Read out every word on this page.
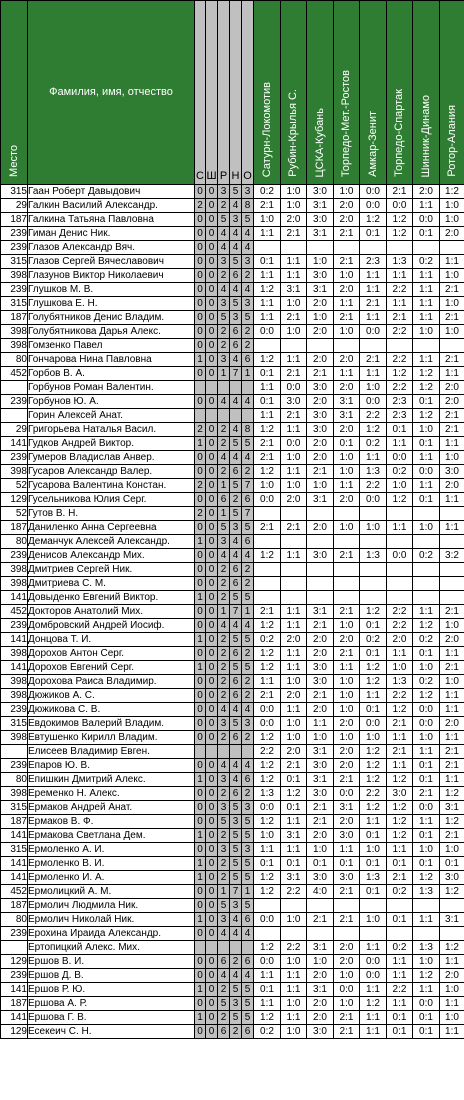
Место	Фамилия, имя, отчество	С	Ш	Р	Н	О	Сатурн-Локомотив	Рубин-Крылья С.	ЦСКА-Кубань	Торпедо-Мет.-Ростов	Амкар-Зенит	Торпедо-Спартак	Шинник-Динамо	Ротор-Алания
315	Гаан Роберт Давыдович	0	0	3	5	3	0:2	1:0	3:0	1:0	0:0	2:1	2:0	1:2
29	Галкин Василий Александр.	2	0	2	4	8	2:1	1:0	3:1	2:0	0:0	0:0	1:1	1:0
187	Галкина Татьяна Павловна	0	0	5	3	5	1:0	2:0	3:0	2:0	1:2	1:2	0:0	1:0
239	Гиман Денис Ник.	0	0	4	4	4	1:1	2:1	3:1	2:1	0:1	1:2	0:1	2:0
239	Глазов Александр Вяч.	0	0	4	4	4								
315	Глазов Сергей Вячеславович	0	0	3	5	3	0:1	1:1	1:0	2:1	2:3	1:3	0:2	1:1
398	Глазунов Виктор Николаевич	0	0	2	6	2	1:1	1:1	3:0	1:0	1:1	1:1	1:1	1:0
239	Глушков М. В.	0	0	4	4	4	1:2	3:1	3:1	2:0	1:1	2:2	1:1	2:1
315	Глушкова Е. Н.	0	0	3	5	3	1:1	1:0	2:0	1:1	2:1	1:1	1:1	1:0
187	Голубятников Денис Владим.	0	0	5	3	5	1:1	2:1	1:0	2:1	1:1	2:1	1:1	2:1
398	Голубятникова Дарья Алекс.	0	0	2	6	2	0:0	1:0	2:0	1:0	0:0	2:2	1:0	1:0
398	Гомзенко Павел	0	0	2	6	2								
80	Гончарова Нина Павловна	1	0	3	4	6	1:2	1:1	2:0	2:0	2:1	2:2	1:1	2:1
452	Горбов В. А.	0	0	1	7	1	0:1	2:1	2:1	1:1	1:1	1:2	1:2	1:1
	Горбунов Роман Валентин.						1:1	0:0	3:0	2:0	1:0	2:2	1:2	2:0
239	Горбунов Ю. А.	0	0	4	4	4	0:1	3:0	2:0	3:1	0:0	2:3	0:1	2:0
	Горин Алексей Анат.						1:1	2:1	3:0	3:1	2:2	2:3	1:2	2:1
29	Григорьева Наталья Васил.	2	0	2	4	8	1:2	1:1	3:0	2:0	1:2	0:1	1:0	2:1
141	Гудков Андрей Виктор.	1	0	2	5	5	2:1	0:0	2:0	0:1	0:2	1:1	0:1	1:1
239	Гумеров Владислав Анвер.	0	0	4	4	4	2:1	1:0	2:0	1:0	1:1	0:0	1:1	1:0
398	Гусаров Александр Валер.	0	0	2	6	2	1:2	1:1	2:1	1:0	1:3	0:2	0:0	3:0
52	Гусарова Валентина Констан.	2	0	1	5	7	1:0	1:0	1:0	1:1	2:2	1:0	1:1	2:0
129	Гусельникова Юлия Серг.	0	0	6	2	6	0:0	2:0	3:1	2:0	0:0	1:2	0:1	1:1
52	Гутов В. Н.	2	0	1	5	7								
187	Даниленко Анна Сергеевна	0	0	5	3	5	2:1	2:1	2:0	1:0	1:0	1:1	1:0	1:1
80	Деманчук Алексей Александр.	1	0	3	4	6								
239	Денисов Александр Мих.	0	0	4	4	4	1:2	1:1	3:0	2:1	1:3	0:0	0:2	3:2
398	Дмитриев Сергей Ник.	0	0	2	6	2								
398	Дмитриева С. М.	0	0	2	6	2								
141	Довыденко Евгений Виктор.	1	0	2	5	5								
452	Докторов Анатолий Мих.	0	0	1	7	1	2:1	1:1	3:1	2:1	1:2	2:2	1:1	2:1
239	Домбровский Андрей Иосиф.	0	0	4	4	4	1:2	1:1	2:1	1:0	0:1	2:2	1:2	1:0
141	Донцова Т. И.	1	0	2	5	5	0:2	2:0	2:0	2:0	0:2	2:0	0:2	2:0
398	Дорохов Антон Серг.	0	0	2	6	2	1:2	1:1	2:0	2:1	0:1	1:1	0:1	1:1
141	Дорохов Евгений Серг.	1	0	2	5	5	1:2	1:1	3:0	1:1	1:2	1:0	1:0	2:1
398	Дорохова Раиса Владимир.	0	0	2	6	2	1:1	1:0	3:0	1:0	1:2	1:3	0:2	1:0
398	Дюжиков А. С.	0	0	2	6	2	2:1	2:0	2:1	1:0	1:1	2:2	1:2	1:1
239	Дюжикова С. В.	0	0	4	4	4	0:0	1:1	2:0	1:0	0:1	1:2	0:0	1:1
315	Евдокимов Валерий Владим.	0	0	3	5	3	0:0	1:0	1:1	2:0	0:0	2:1	0:0	2:0
398	Евтушенко Кирилл Владим.	0	0	2	6	2	1:2	1:0	1:0	1:0	1:0	1:1	1:0	1:1
	Елисеев Владимир Евген.						2:2	2:0	3:1	2:0	1:2	2:1	1:1	2:1
239	Епаров Ю. В.	0	0	4	4	4	1:2	2:1	3:0	2:0	1:2	1:1	0:1	2:1
80	Епишкин Дмитрий Алекс.	1	0	3	4	6	1:2	0:1	3:1	2:1	1:2	1:2	0:1	1:1
398	Еременко Н. Алекс.	0	0	2	6	2	1:3	1:2	3:0	0:0	2:2	3:0	2:1	1:2
315	Ермаков Андрей Анат.	0	0	3	5	3	0:0	0:1	2:1	3:1	1:2	1:2	0:0	3:1
187	Ермаков В. Ф.	0	0	5	3	5	1:2	1:1	2:1	2:0	1:1	1:2	1:1	1:2
141	Ермакова Светлана Дем.	1	0	2	5	5	1:0	3:1	2:0	3:0	0:1	1:2	0:1	2:1
315	Ермоленко А. И.	0	0	3	5	3	1:1	1:1	1:0	1:1	1:0	1:1	1:0	1:0
141	Ермоленко В. И.	1	0	2	5	5	0:1	0:1	0:1	0:1	0:1	0:1	0:1	0:1
141	Ермоленко И. А.	1	0	2	5	5	1:2	3:1	3:0	3:0	1:3	2:1	1:2	3:0
452	Ермолицкий А. М.	0	0	1	7	1	1:2	2:2	4:0	2:1	0:1	0:2	1:3	1:2
187	Ермолич Людмила Ник.	0	0	5	3	5								
80	Ермолич Николай Ник.	1	0	3	4	6	0:0	1:0	2:1	2:1	1:0	0:1	1:1	3:1
239	Ерохина Ираида Александр.	0	0	4	4	4								
	Ертопицкий Алекс. Мих.						1:2	2:2	3:1	2:0	1:1	0:2	1:3	1:2
129	Ершов В. И.	0	0	6	2	6	0:0	1:0	1:0	2:0	0:0	1:1	1:0	1:1
239	Ершов Д. В.	0	0	4	4	4	1:1	1:1	2:0	1:0	0:0	1:1	1:2	2:0
141	Ершов Р. Ю.	1	0	2	5	5	0:1	1:1	3:1	0:0	1:1	2:2	1:1	1:0
187	Ершова А. Р.	0	0	5	3	5	1:1	1:0	2:0	1:0	1:2	1:1	0:0	1:1
141	Ершова Г. В.	1	0	2	5	5	1:2	1:1	2:0	2:1	1:1	0:1	0:1	1:0
129	Есекеич С. Н.	0	0	6	2	6	0:2	1:0	3:0	2:1	1:1	0:1	0:1	1:1
